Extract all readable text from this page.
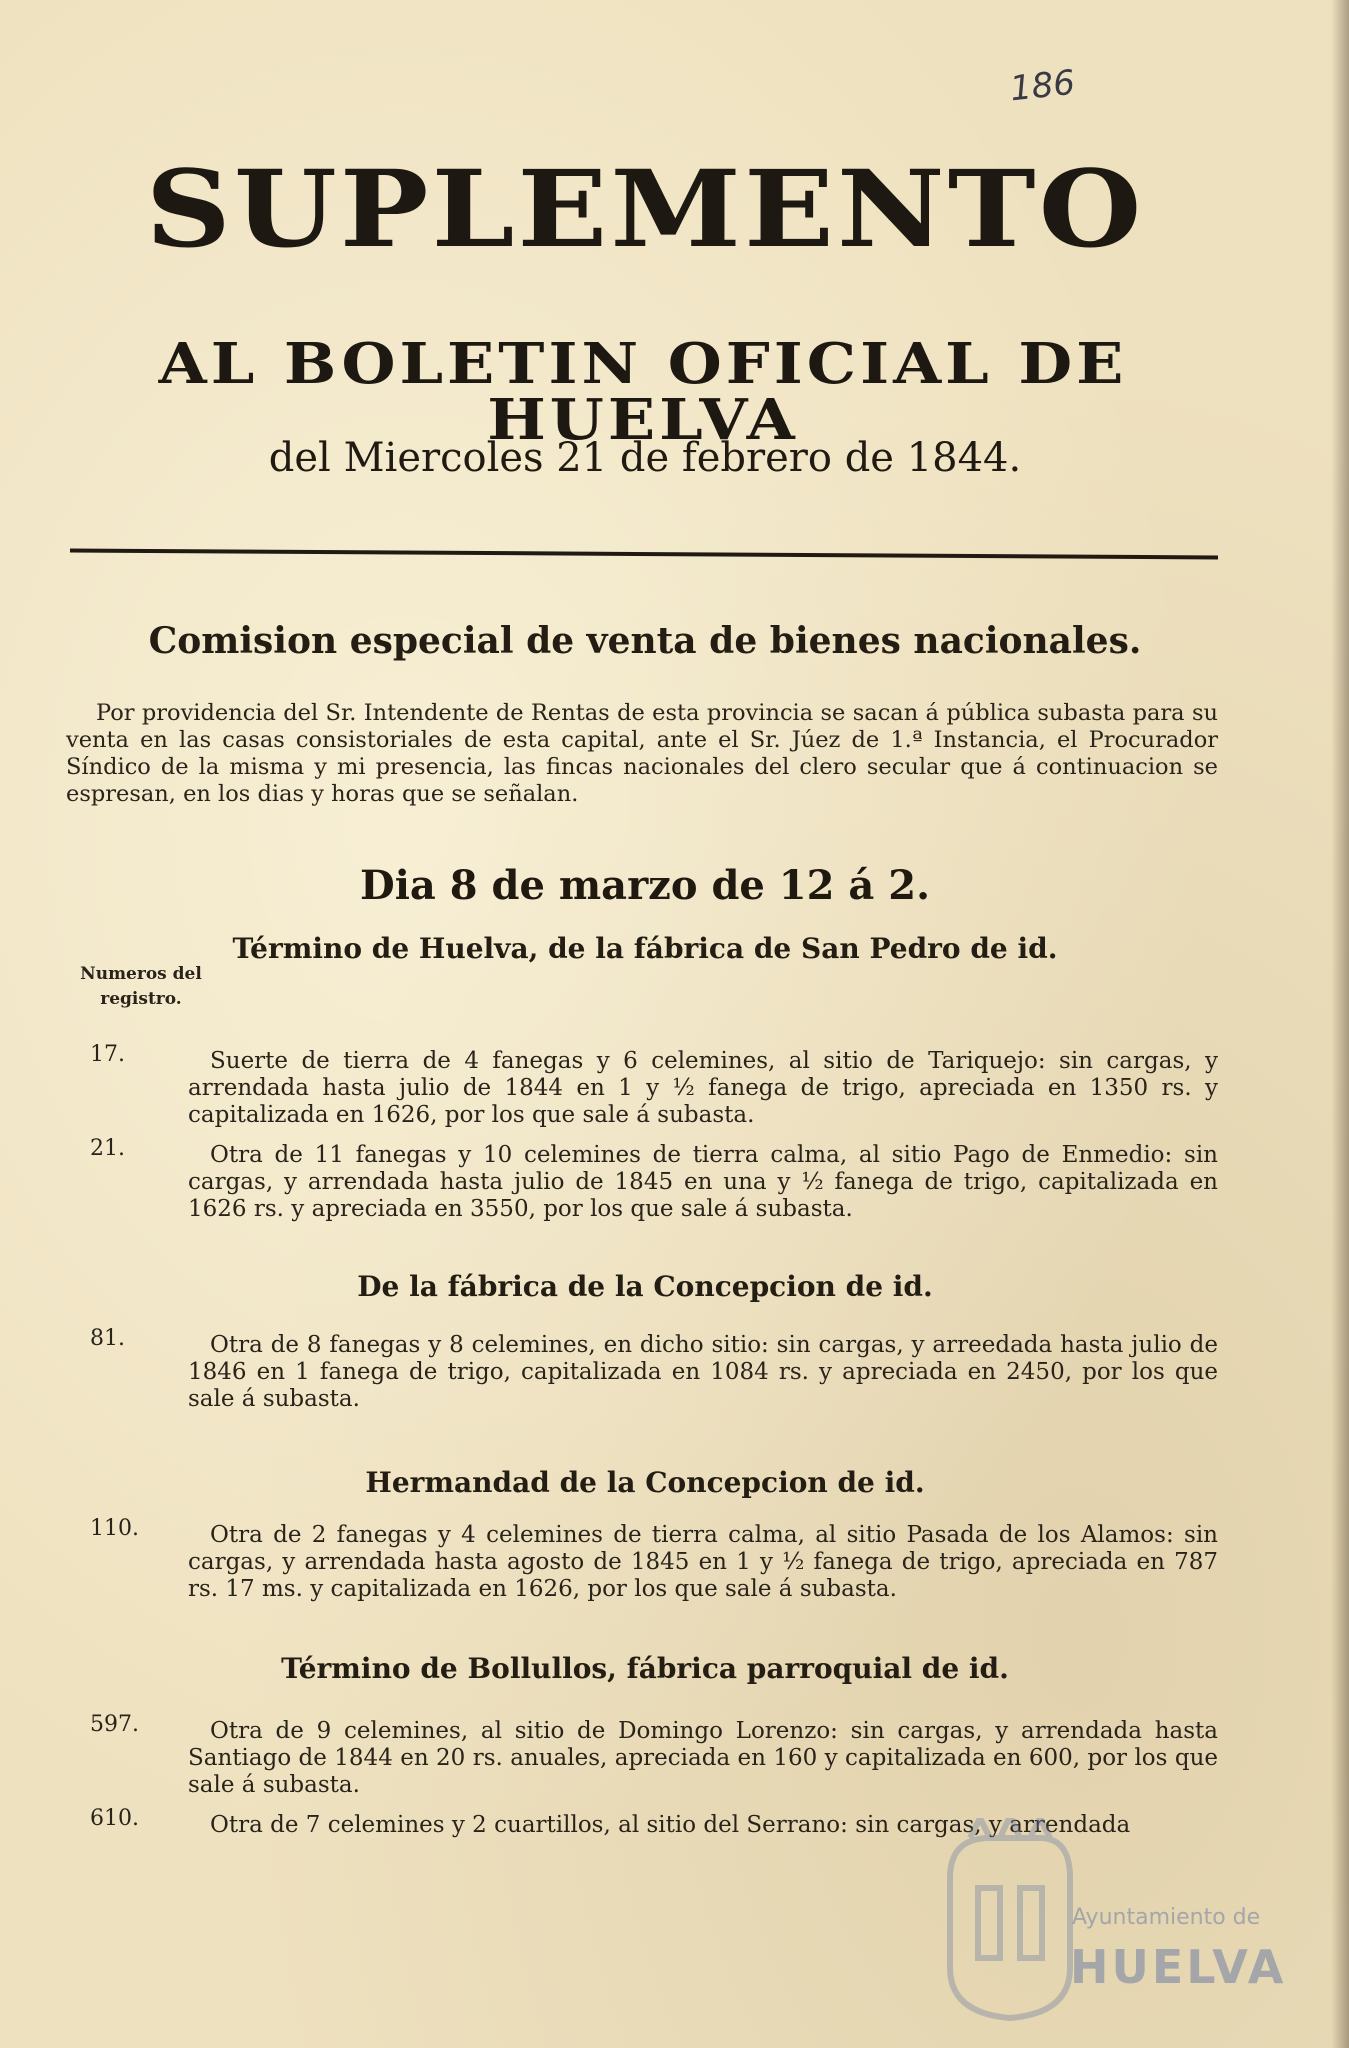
186
SUPLEMENTO
AL BOLETIN OFICIAL DE HUELVA
del Miercoles 21 de febrero de 1844.
Comision especial de venta de bienes nacionales.
Por providencia del Sr. Intendente de Rentas de esta provincia se sacan á pública subasta para su venta en las casas consistoriales de esta capital, ante el Sr. Júez de 1.ª Instancia, el Procurador Síndico de la misma y mi presencia, las fincas nacionales del clero secular que á continuacion se espresan, en los dias y horas que se señalan.
Dia 8 de marzo de 12 á 2.
Numeros del registro.
Término de Huelva, de la fábrica de San Pedro de id.
17.	Suerte de tierra de 4 fanegas y 6 celemines, al sitio de Tariquejo: sin cargas, y arrendada hasta julio de 1844 en 1 y ½ fanega de trigo, apreciada en 1350 rs. y capitalizada en 1626, por los que sale á subasta.
21.	Otra de 11 fanegas y 10 celemines de tierra calma, al sitio Pago de Enmedio: sin cargas, y arrendada hasta julio de 1845 en una y ½ fanega de trigo, capitalizada en 1626 rs. y apreciada en 3550, por los que sale á subasta.
De la fábrica de la Concepcion de id.
81.	Otra de 8 fanegas y 8 celemines, en dicho sitio: sin cargas, y arreedada hasta julio de 1846 en 1 fanega de trigo, capitalizada en 1084 rs. y apreciada en 2450, por los que sale á subasta.
Hermandad de la Concepcion de id.
110.	Otra de 2 fanegas y 4 celemines de tierra calma, al sitio Pasada de los Alamos: sin cargas, y arrendada hasta agosto de 1845 en 1 y ½ fanega de trigo, apreciada en 787 rs. 17 ms. y capitalizada en 1626, por los que sale á subasta.
Término de Bollullos, fábrica parroquial de id.
597.	Otra de 9 celemines, al sitio de Domingo Lorenzo: sin cargas, y arrendada hasta Santiago de 1844 en 20 rs. anuales, apreciada en 160 y capitalizada en 600, por los que sale á subasta.
610.	Otra de 7 celemines y 2 cuartillos, al sitio del Serrano: sin cargas, y arrendada
Ayuntamiento de
HUELVA
